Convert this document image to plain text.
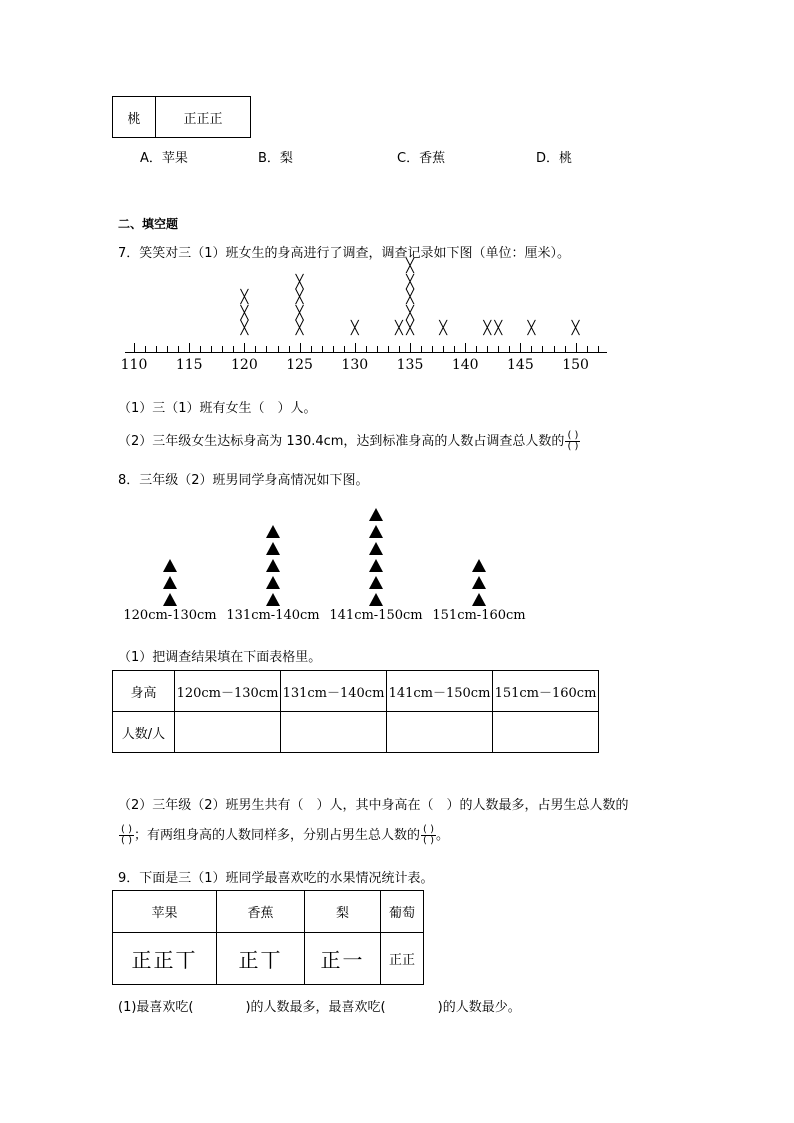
桃	正正正
A．苹果	B．梨	C．香蕉	D．桃
二、填空题
7．笑笑对三（1）班女生的身高进行了调查，调查记录如下图（单位：厘米）。
110 115 120 125 130 135 140 145 150
╳
╳
╳
╳
╳
╳
╳
╳	╳ ╳
╳
╳
╳
╳
╳	╳ ╳ ╳	╳
（1）三（1）班有女生（　）人。
（2）三年级女生达标身高为 130.4cm，达到标准身高的人数占调查总人数的 $\frac{( )}{( )}$
8．三年级（2）班男同学身高情况如下图。
120cm-130cm 131cm-140cm 141cm-150cm 151cm-160cm
（1）把调查结果填在下面表格里。
身高	120cm－130cm	131cm－140cm	141cm－150cm	151cm－160cm
人数/人				
（2）三年级（2）班男生共有（　）人，其中身高在（　）的人数最多，占男生总人数的
$\frac{( )}{( )}$ ；有两组身高的人数同样多，分别占男生总人数的 $\frac{( )}{( )}$ 。
9．下面是三（1）班同学最喜欢吃的水果情况统计表。
苹果	香蕉	梨	葡萄
正正丅	正丅	正一	正正
(1)最喜欢吃(　　　　)的人数最多，最喜欢吃(　　　　)的人数最少。
